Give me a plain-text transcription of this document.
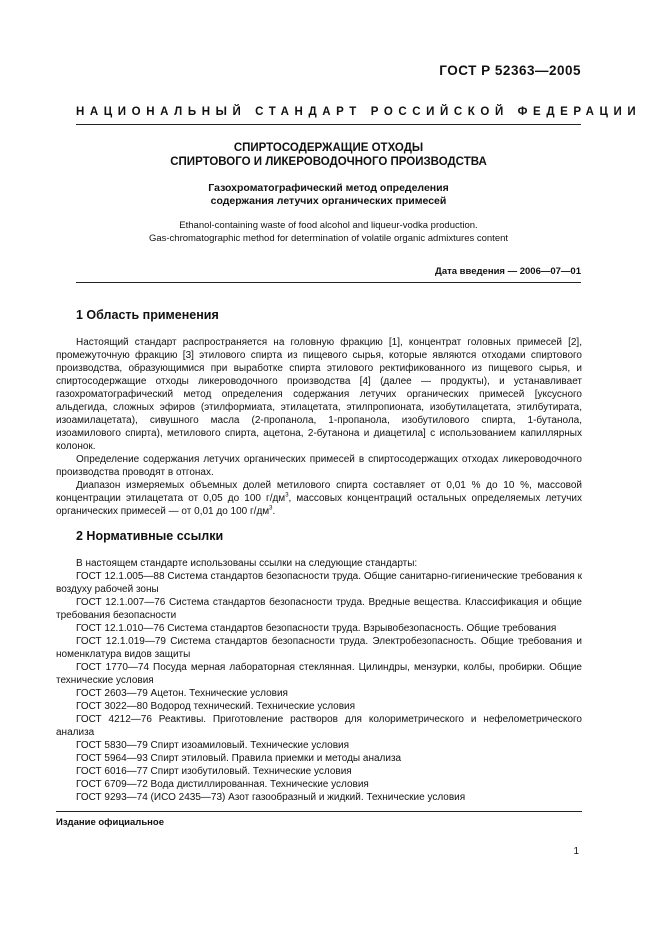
ГОСТ Р 52363—2005
НАЦИОНАЛЬНЫЙ СТАНДАРТ РОССИЙСКОЙ ФЕДЕРАЦИИ
СПИРТОСОДЕРЖАЩИЕ ОТХОДЫ
СПИРТОВОГО И ЛИКЕРОВОДОЧНОГО ПРОИЗВОДСТВА
Газохроматографический метод определения
содержания летучих органических примесей
Ethanol-containing waste of food alcohol and liqueur-vodka production.
Gas-chromatographic method for determination of volatile organic admixtures content
Дата введения — 2006—07—01
1 Область применения

Настоящий стандарт распространяется на головную фракцию [1], концентрат головных примесей [2], промежуточную фракцию [3] этилового спирта из пищевого сырья, которые являются отходами спиртового производства, образующимися при выработке спирта этилового ректификованного из пищевого сырья, и спиртосодержащие отходы ликероводочного производства [4] (далее — продукты), и устанавливает газохроматографический метод определения содержания летучих органических примесей [уксусного альдегида, сложных эфиров (этилформиата, этилацетата, этилпропионата, изобутилацетата, этилбутирата, изоамилацетата), сивушного масла (2-пропанола, 1-пропанола, изобутилового спирта, 1-бутанола, изоамилового спирта), метилового спирта, ацетона, 2-бутанона и диацетила] с использованием капиллярных колонок.

Определение содержания летучих органических примесей в спиртосодержащих отходах ликероводочного производства проводят в отгонах.

Диапазон измеряемых объемных долей метилового спирта составляет от 0,01 % до 10 %, массовой концентрации этилацетата от 0,05 до 100 $г/дм^3$, массовых концентраций остальных определяемых летучих органических примесей — от 0,01 до 100 $г/дм^3$.

2 Нормативные ссылки

В настоящем стандарте использованы ссылки на следующие стандарты:

ГОСТ 12.1.005—88 Система стандартов безопасности труда. Общие санитарно-гигиенические требования к воздуху рабочей зоны

ГОСТ 12.1.007—76 Система стандартов безопасности труда. Вредные вещества. Классификация и общие требования безопасности

ГОСТ 12.1.010—76 Система стандартов безопасности труда. Взрывобезопасность. Общие требования

ГОСТ 12.1.019—79 Система стандартов безопасности труда. Электробезопасность. Общие требования и номенклатура видов защиты

ГОСТ 1770—74 Посуда мерная лабораторная стеклянная. Цилиндры, мензурки, колбы, пробирки. Общие технические условия

ГОСТ 2603—79 Ацетон. Технические условия

ГОСТ 3022—80 Водород технический. Технические условия

ГОСТ 4212—76 Реактивы. Приготовление растворов для колориметрического и нефелометрического анализа

ГОСТ 5830—79 Спирт изоамиловый. Технические условия

ГОСТ 5964—93 Спирт этиловый. Правила приемки и методы анализа

ГОСТ 6016—77 Спирт изобутиловый. Технические условия

ГОСТ 6709—72 Вода дистиллированная. Технические условия

ГОСТ 9293—74 (ИСО 2435—73) Азот газообразный и жидкий. Технические условия

Издание официальное
1
